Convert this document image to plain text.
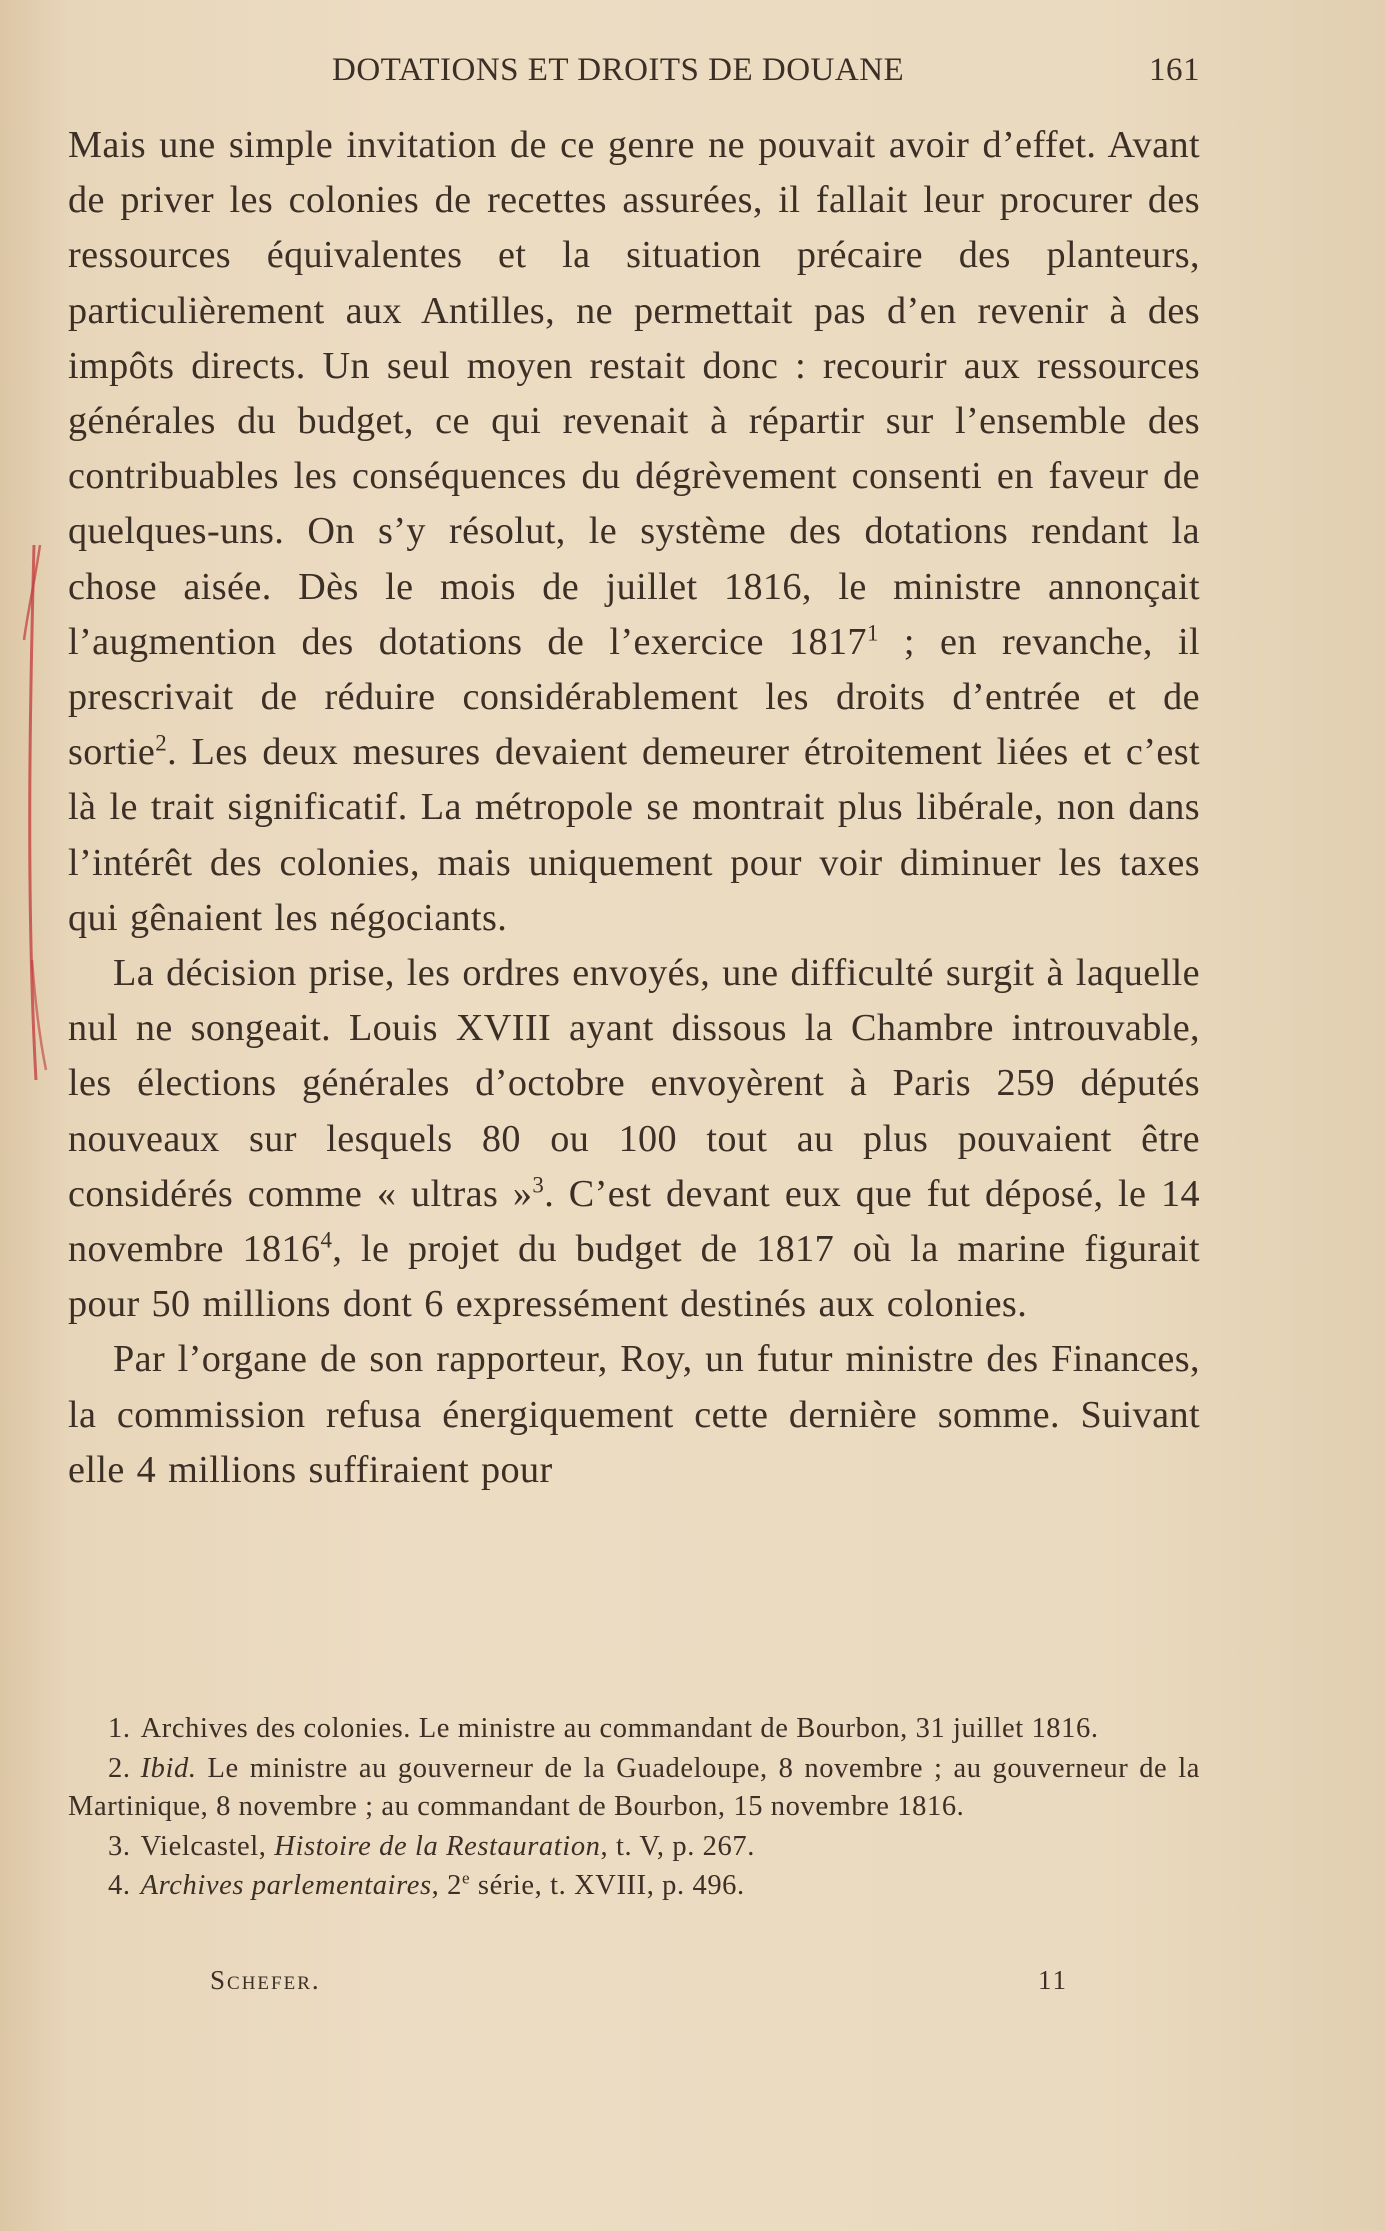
DOTATIONS ET DROITS DE DOUANE	161

Mais une simple invitation de ce genre ne pouvait avoir d’effet. Avant de priver les colonies de recettes assurées, il fallait leur procurer des ressources équivalentes et la situation précaire des planteurs, particulièrement aux Antilles, ne permettait pas d’en revenir à des impôts directs. Un seul moyen restait donc : recourir aux ressources générales du budget, ce qui revenait à répartir sur l’ensemble des contribuables les conséquences du dégrèvement consenti en faveur de quelques-uns. On s’y résolut, le système des dotations rendant la chose aisée. Dès le mois de juillet 1816, le ministre annonçait l’augmention des dotations de l’exercice 1817$^1$ ; en revanche, il prescrivait de réduire considérablement les droits d’entrée et de sortie$^2$. Les deux mesures devaient demeurer étroitement liées et c’est là le trait significatif. La métropole se montrait plus libérale, non dans l’intérêt des colonies, mais uniquement pour voir diminuer les taxes qui gênaient les négociants.

La décision prise, les ordres envoyés, une difficulté surgit à laquelle nul ne songeait. Louis XVIII ayant dissous la Chambre introuvable, les élections générales d’octobre envoyèrent à Paris 259 députés nouveaux sur lesquels 80 ou 100 tout au plus pouvaient être considérés comme « ultras »$^3$. C’est devant eux que fut déposé, le 14 novembre 1816$^4$, le projet du budget de 1817 où la marine figurait pour 50 millions dont 6 expressément destinés aux colonies.

Par l’organe de son rapporteur, Roy, un futur ministre des Finances, la commission refusa énergiquement cette dernière somme. Suivant elle 4 millions suffiraient pour

1. Archives des colonies. Le ministre au commandant de Bourbon, 31 juillet 1816.

2. Ibid. Le ministre au gouverneur de la Guadeloupe, 8 novembre ; au gouverneur de la Martinique, 8 novembre ; au commandant de Bourbon, 15 novembre 1816.

3. Vielcastel, Histoire de la Restauration, t. V, p. 267.

4. Archives parlementaires, 2e série, t. XVIII, p. 496.

Schefer.	11
